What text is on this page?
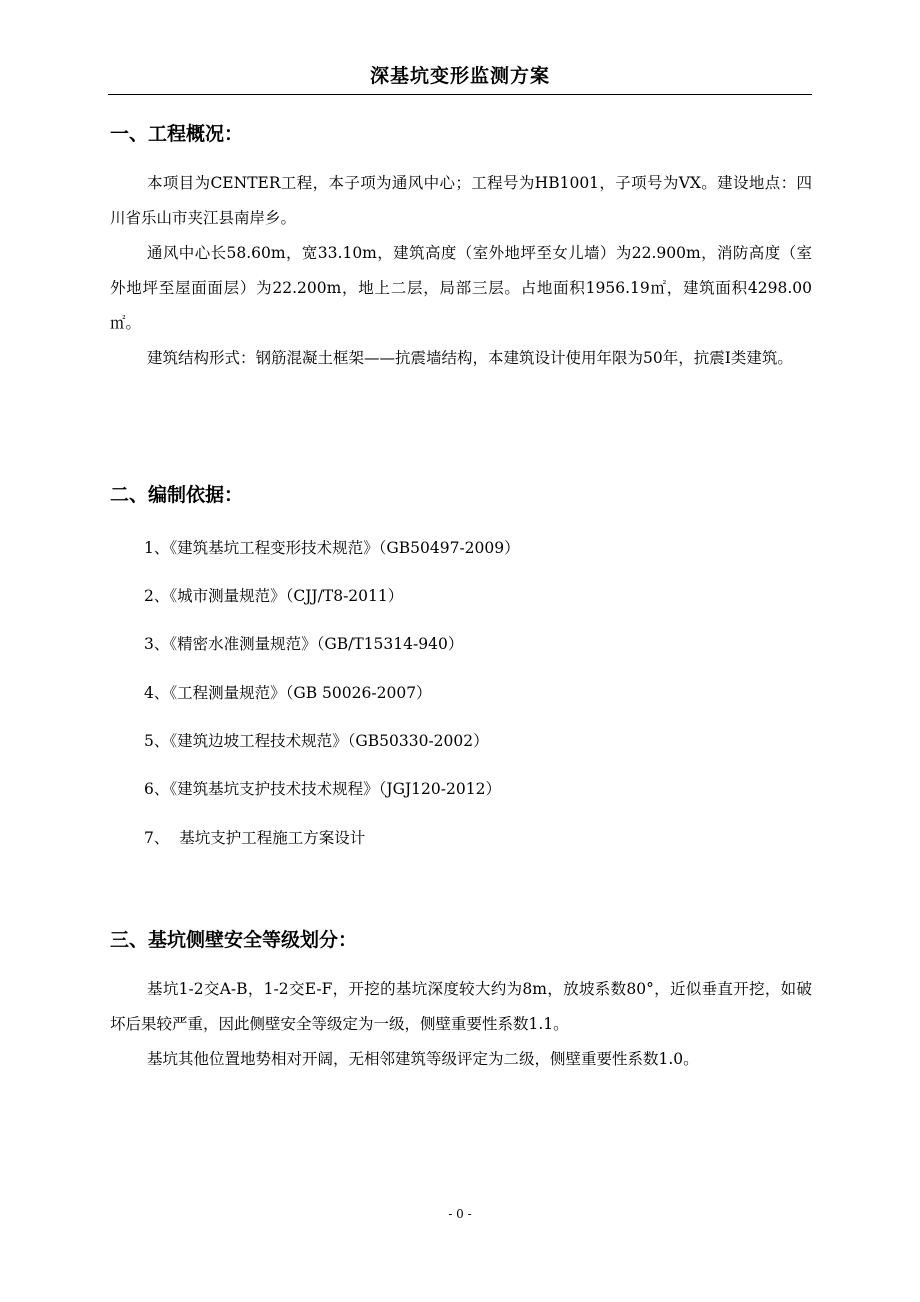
深基坑变形监测方案
一、工程概况：

本项目为CENTER工程，本子项为通风中心；工程号为HB1001，子项号为VX。建设地点：四川省乐山市夹江县南岸乡。

通风中心长58.60m，宽33.10m，建筑高度（室外地坪至女儿墙）为22.900m，消防高度（室外地坪至屋面面层）为22.200m，地上二层，局部三层。占地面积1956.19㎡，建筑面积4298.00㎡。

建筑结构形式：钢筋混凝土框架——抗震墙结构，本建筑设计使用年限为50年，抗震Ⅰ类建筑。

二、编制依据：

1、《建筑基坑工程变形技术规范》（GB50497-2009）

2、《城市测量规范》（CJJ/T8-2011）

3、《精密水准测量规范》（GB/T15314-940）

4、《工程测量规范》（GB 50026-2007）

5、《建筑边坡工程技术规范》（GB50330-2002）

6、《建筑基坑支护技术技术规程》（JGJ120-2012）

7、  基坑支护工程施工方案设计

三、基坑侧壁安全等级划分：

基坑1-2交A-B，1-2交E-F，开挖的基坑深度较大约为8m，放坡系数80°，近似垂直开挖，如破坏后果较严重，因此侧壁安全等级定为一级，侧壁重要性系数1.1。

基坑其他位置地势相对开阔，无相邻建筑等级评定为二级，侧壁重要性系数1.0。

- 0 -
